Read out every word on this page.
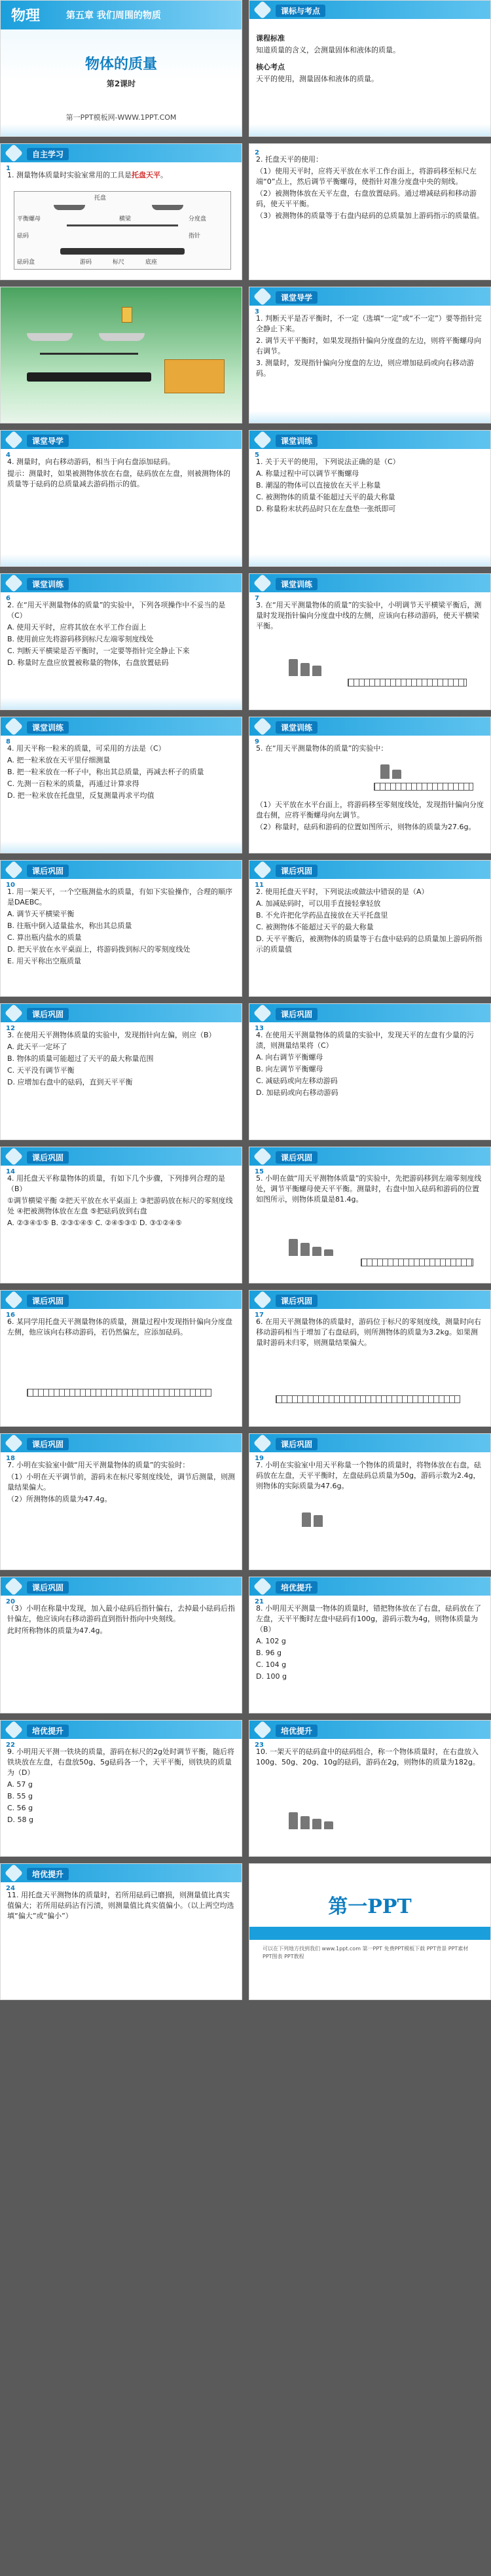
物理	第五章 我们周围的物质
物体的质量
第2课时
第一PPT模板网-WWW.1PPT.COM
课标与考点

课程标准

知道质量的含义，会测量固体和液体的质量。

核心考点

天平的使用，测量固体和液体的质量。

自主学习
1

1. 测量物体质量时实验室常用的工具是托盘天平。

托盘
平衡螺母	横梁	分度盘
指针
砝码
游码	标尺	底座
砝码盒
2

2. 托盘天平的使用：

（1）使用天平时，应将天平放在水平工作台面上，将游码移至标尺左端“0”点上，然后调节平衡螺母，使指针对准分度盘中央的刻线。

（2）被测物体放在天平左盘，右盘放置砝码。通过增减砝码和移动游码，使天平平衡。

（3）被测物体的质量等于右盘内砝码的总质量加上游码指示的质量值。

课堂导学
3

1. 判断天平是否平衡时，不一定（选填“一定”或“不一定”）要等指针完全静止下来。

2. 调节天平平衡时，如果发现指针偏向分度盘的左边，则将平衡螺母向右调节。

3. 测量时，发现指针偏向分度盘的左边，则应增加砝码或向右移动游码。

课堂导学
4

4. 测量时，向右移动游码，相当于向右盘添加砝码。

提示：测量时，如果被测物体放在右盘，砝码放在左盘，则被测物体的质量等于砝码的总质量减去游码指示的值。

课堂训练
5

1. 关于天平的使用，下列说法正确的是（C）

A. 称量过程中可以调节平衡螺母

B. 潮湿的物体可以直接放在天平上称量

C. 被测物体的质量不能超过天平的最大称量

D. 称量粉末状药品时只在左盘垫一张纸即可

课堂训练
6

2. 在“用天平测量物体的质量”的实验中，下列各项操作中不妥当的是（C）

A. 使用天平时，应将其放在水平工作台面上

B. 使用前应先将游码移到标尺左端零刻度线处

C. 判断天平横梁是否平衡时，一定要等指针完全静止下来

D. 称量时左盘应放置被称量的物体，右盘放置砝码

课堂训练
7

3. 在“用天平测量物体的质量”的实验中，小明调节天平横梁平衡后，测量时发现指针偏向分度盘中线的左侧，应该向右移动游码，使天平横梁平衡。

课堂训练
8

4. 用天平称一粒米的质量，可采用的方法是（C）

A. 把一粒米放在天平里仔细测量

B. 把一粒米放在一杯子中，称出其总质量，再减去杯子的质量

C. 先测一百粒米的质量，再通过计算求得

D. 把一粒米放在托盘里，反复测量再求平均值

课堂训练
9

5. 在“用天平测量物体的质量”的实验中：

（1）天平放在水平台面上，将游码移至零刻度线处，发现指针偏向分度盘右侧，应将平衡螺母向左调节。

（2）称量时，砝码和游码的位置如图所示，则物体的质量为27.6g。

课后巩固
10

1. 用一架天平，一个空瓶测盐水的质量，有如下实验操作，合理的顺序是DAEBC。

A. 调节天平横梁平衡

B. 往瓶中倒入适量盐水，称出其总质量

C. 算出瓶内盐水的质量

D. 把天平放在水平桌面上，将游码拨到标尺的零刻度线处

E. 用天平称出空瓶质量

课后巩固
11

2. 使用托盘天平时，下列说法或做法中错误的是（A）

A. 加减砝码时，可以用手直接轻拿轻放

B. 不允许把化学药品直接放在天平托盘里

C. 被测物体不能超过天平的最大称量

D. 天平平衡后，被测物体的质量等于右盘中砝码的总质量加上游码所指示的质量值

课后巩固
12

3. 在使用天平测物体质量的实验中，发现指针向左偏，则应（B）

A. 此天平一定坏了

B. 物体的质量可能超过了天平的最大称量范围

C. 天平没有调节平衡

D. 应增加右盘中的砝码，直到天平平衡

课后巩固
13

4. 在使用天平测量物体的质量的实验中，发现天平的左盘有少量的污渍，则测量结果将（C）

A. 向右调节平衡螺母

B. 向左调节平衡螺母

C. 减砝码或向左移动游码

D. 加砝码或向右移动游码

课后巩固
14

4. 用托盘天平称量物体的质量，有如下几个步骤，下列排列合理的是（B）

①调节横梁平衡 ②把天平放在水平桌面上 ③把游码放在标尺的零刻度线处 ④把被测物体放在左盘 ⑤把砝码放到右盘

A. ②③④①⑤ B. ②③①④⑤ C. ②④⑤③① D. ③①②④⑤

课后巩固
15

5. 小明在做“用天平测物体质量”的实验中，先把游码移到左端零刻度线处，调节平衡螺母使天平平衡。测量时，右盘中加入砝码和游码的位置如图所示，则物体质量是81.4g。

课后巩固
16

6. 某同学用托盘天平测量物体的质量，测量过程中发现指针偏向分度盘左侧，他应该向右移动游码，若仍然偏左，应添加砝码。

课后巩固
17

6. 在用天平测量物体的质量时，游码位于标尺的零刻度线，测量时向右移动游码相当于增加了右盘砝码，则所测物体的质量为3.2kg。如果测量时游码未归零，则测量结果偏大。

课后巩固
18

7. 小明在实验室中做“用天平测量物体的质量”的实验时：

（1）小明在天平调节前，游码未在标尺零刻度线处，调节后测量，则测量结果偏大。

（2）所测物体的质量为47.4g。

课后巩固
19

7. 小明在实验室中用天平称量一个物体的质量时，将物体放在右盘，砝码放在左盘，天平平衡时，左盘砝码总质量为50g，游码示数为2.4g，则物体的实际质量为47.6g。

课后巩固
20

（3）小明在称量中发现，加入最小砝码后指针偏右，去掉最小砝码后指针偏左，他应该向右移动游码直到指针指向中央刻线。

此时所称物体的质量为47.4g。

培优提升
21

8. 小明用天平测量一物体的质量时，错把物体放在了右盘，砝码放在了左盘，天平平衡时左盘中砝码有100g，游码示数为4g，则物体质量为（B）

A. 102 g

B. 96 g

C. 104 g

D. 100 g

培优提升
22

9. 小明用天平测一铁块的质量，游码在标尺的2g处时调节平衡，随后将铁块放在左盘，右盘放50g、5g砝码各一个，天平平衡，则铁块的质量为（D）

A. 57 g

B. 55 g

C. 56 g

D. 58 g

培优提升
23

10. 一架天平的砝码盒中的砝码组合，称一个物体质量时，在右盘放入100g、50g、20g、10g的砝码，游码在2g，则物体的质量为182g。

培优提升
24

11. 用托盘天平测物体的质量时，若所用砝码已磨损，则测量值比真实值偏大；若所用砝码沾有污渍，则测量值比真实值偏小。（以上两空均选填“偏大”或“偏小”）	第一PPT
可以在下列地方找到我们 www.1ppt.com 第一PPT 免费PPT模板下载 PPT背景 PPT素材 PPT图表 PPT教程
